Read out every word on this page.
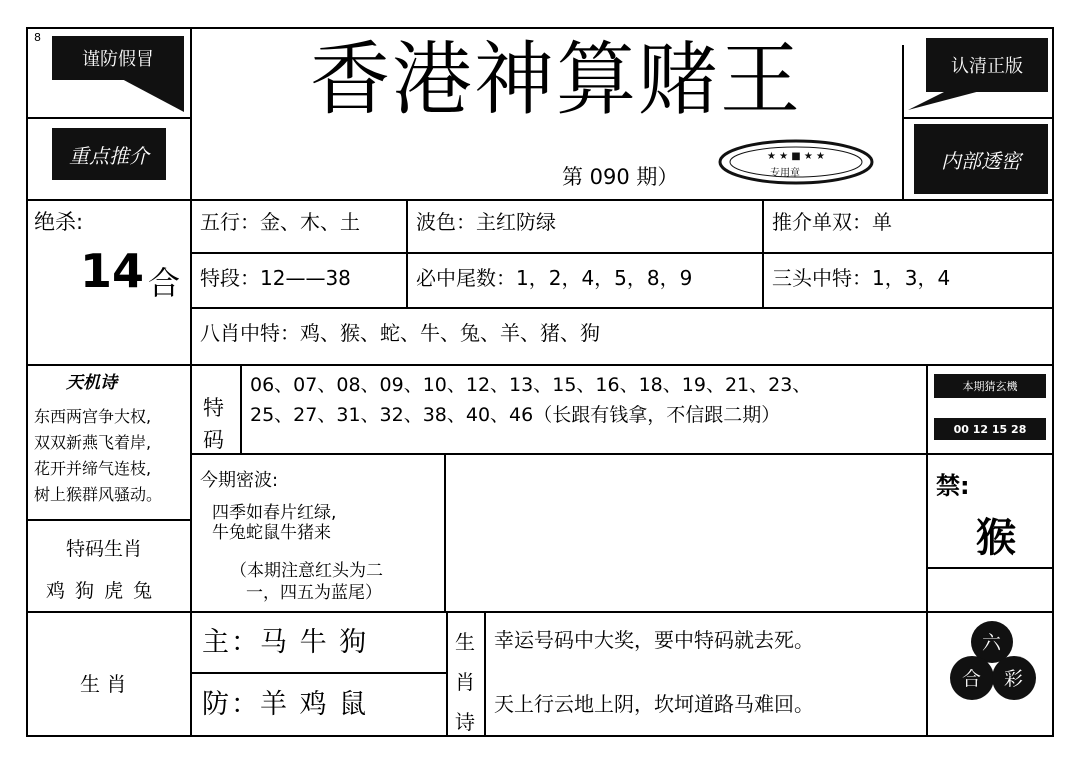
8
谨防假冒	认清正版
香港神算赌王
重点推介	内部透密
第 090 期）
★ ★ ■ ★ ★
专用章
绝杀:
14 合
五行：金、木、土	波色：主红防绿	推介单双：单
特段：12——38	必中尾数：1，2，4，5，8，9	三头中特：1，3，4
八肖中特：鸡、猴、蛇、牛、兔、羊、猪、狗
天机诗
东西两宫争大权,
双双新燕飞着岸,
花开并缔气连枝,
树上猴群风骚动。
特
码
06、07、08、09、10、12、13、15、16、18、19、21、23、
25、27、31、32、38、40、46（长跟有钱拿，不信跟二期）
本期猜玄機
00 12 15 28
今期密波:
四季如春片红绿,
牛兔蛇鼠牛猪来
（本期注意红头为二
一，四五为蓝尾）
特码生肖
鸡 狗 虎 兔
禁:
猴
生 肖
主：马 牛 狗
防：羊 鸡 鼠
生
肖
诗
幸运号码中大奖，要中特码就去死。
天上行云地上阴，坎坷道路马难回。
六
合 彩
